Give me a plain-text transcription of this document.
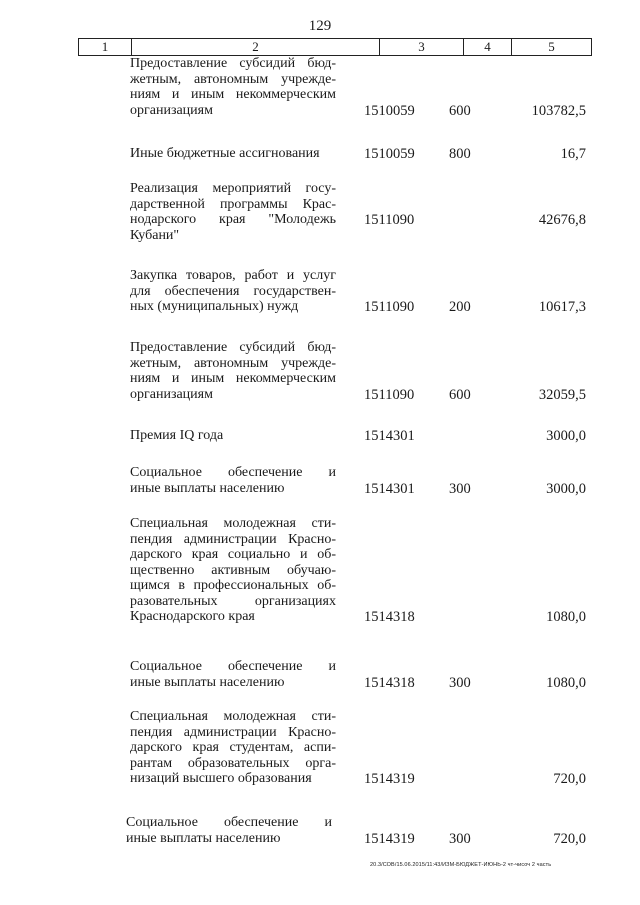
129
1	2	3	4	5
Предоставление субсидий бюд-
жетным, автономным учрежде-
ниям и иным некоммерческим
организациям	1510059 600	103782,5
Иные бюджетные ассигнования	1510059 800	16,7
Реализация мероприятий госу-
дарственной программы Крас-
нодарского края "Молодежь
Кубани"
1511090	42676,8
Закупка товаров, работ и услуг
для обеспечения государствен-
ных (муниципальных) нужд	1511090 200	10617,3
Предоставление субсидий бюд-
жетным, автономным учрежде-
ниям и иным некоммерческим
организациям	1511090 600	32059,5
Премия IQ года	1514301	3000,0
Социальное обеспечение и
иные выплаты населению	1514301 300	3000,0
Специальная молодежная сти-
пендия администрации Красно-
дарского края социально и об-
щественно активным обучаю-
щимся в профессиональных об-
разовательных организациях
Краснодарского края	1514318	1080,0
Социальное обеспечение и
иные выплаты населению	1514318 300	1080,0
Специальная молодежная сти-
пендия администрации Красно-
дарского края студентам, аспи-
рантам образовательных орга-
низаций высшего образования	1514319	720,0
Социальное обеспечение и
иные выплаты населению	1514319 300	720,0
20.3/СОВ/15.06.2015/11:43/ИЗМ-БЮДЖЕТ-ИЮНЬ-2 чт-чисоч 2 часть
